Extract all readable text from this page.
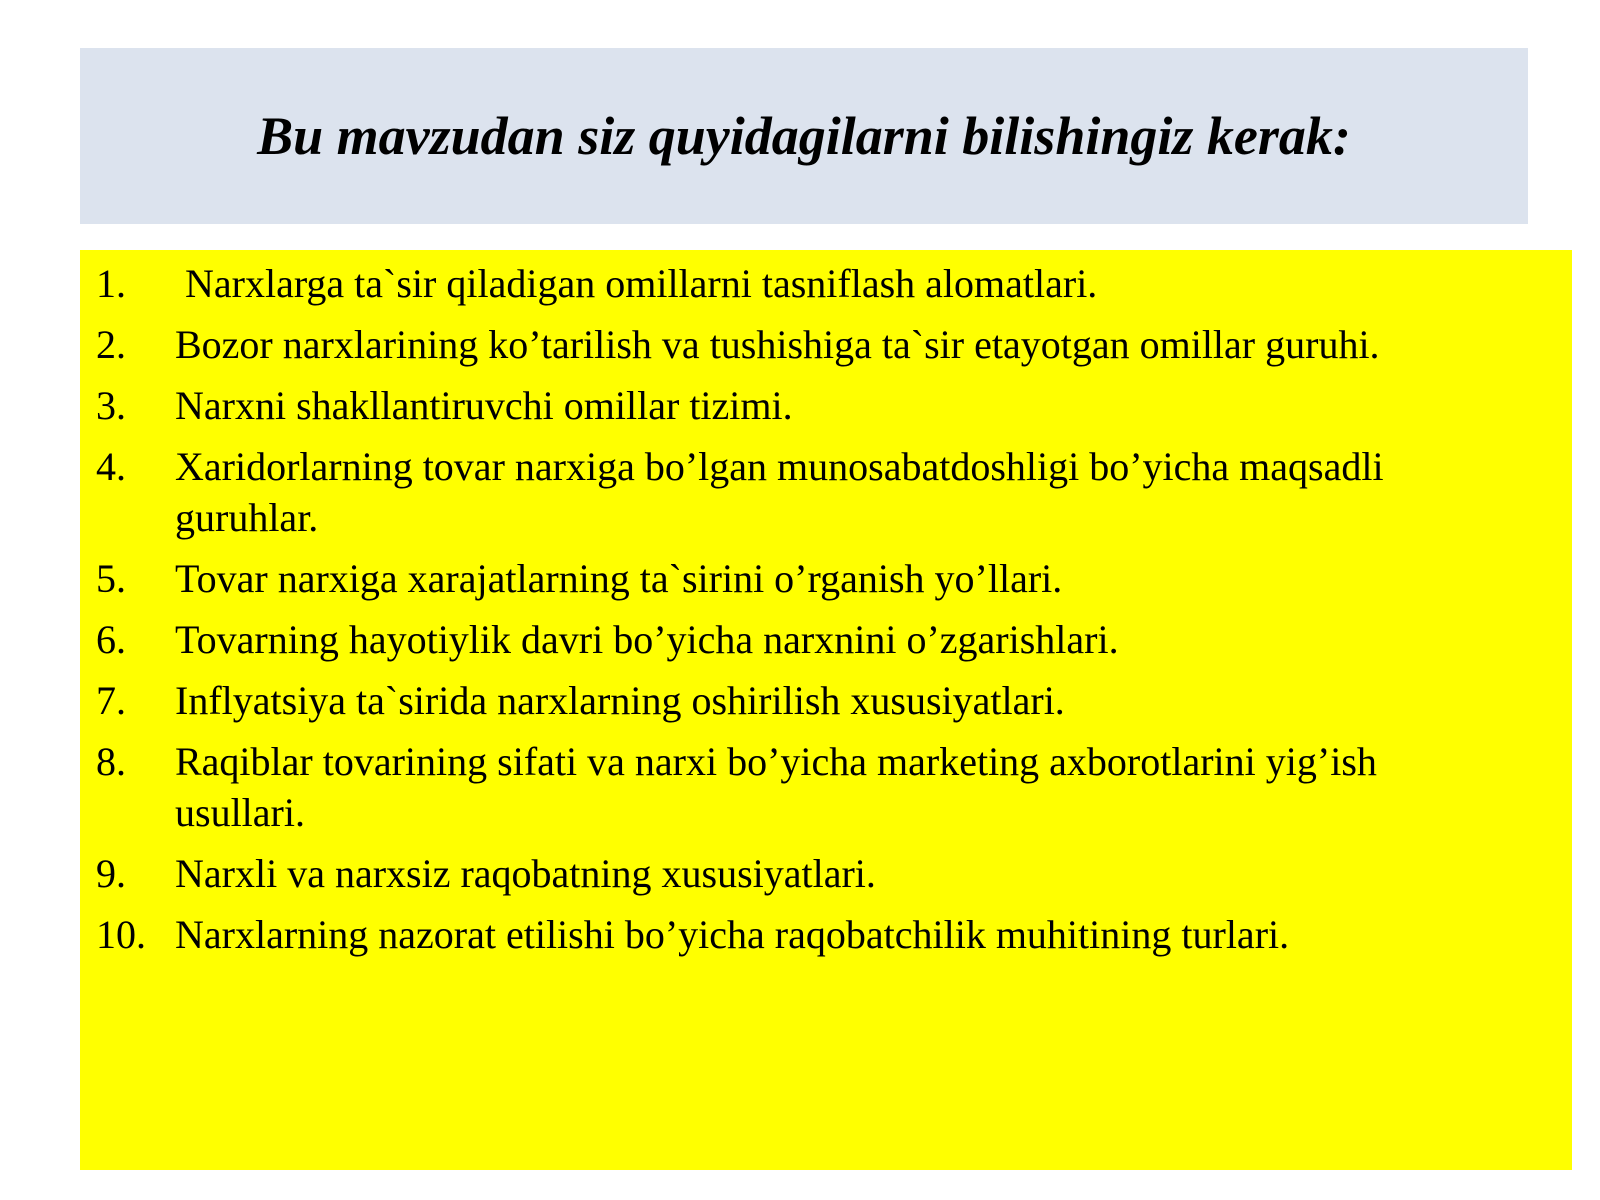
Bu mavzudan siz quyidagilarni bilishingiz kerak:
1.	Narxlarga ta`sir qiladigan omillarni tasniflash alomatlari.
2.	Bozor narxlarining ko’tarilish va tushishiga ta`sir etayotgan omillar guruhi.
3.	Narxni shakllantiruvchi omillar tizimi.
4.	Xaridorlarning tovar narxiga bo’lgan munosabatdoshligi bo’yicha maqsadli guruhlar.
5.	Tovar narxiga xarajatlarning ta`sirini o’rganish yo’llari.
6.	Tovarning hayotiylik davri bo’yicha narxnini o’zgarishlari.
7.	Inflyatsiya ta`sirida narxlarning oshirilish xususiyatlari.
8.	Raqiblar tovarining sifati va narxi bo’yicha marketing axborotlarini yig’ish usullari.
9.	Narxli va narxsiz raqobatning xususiyatlari.
10. Narxlarning nazorat etilishi bo’yicha raqobatchilik muhitining turlari.
